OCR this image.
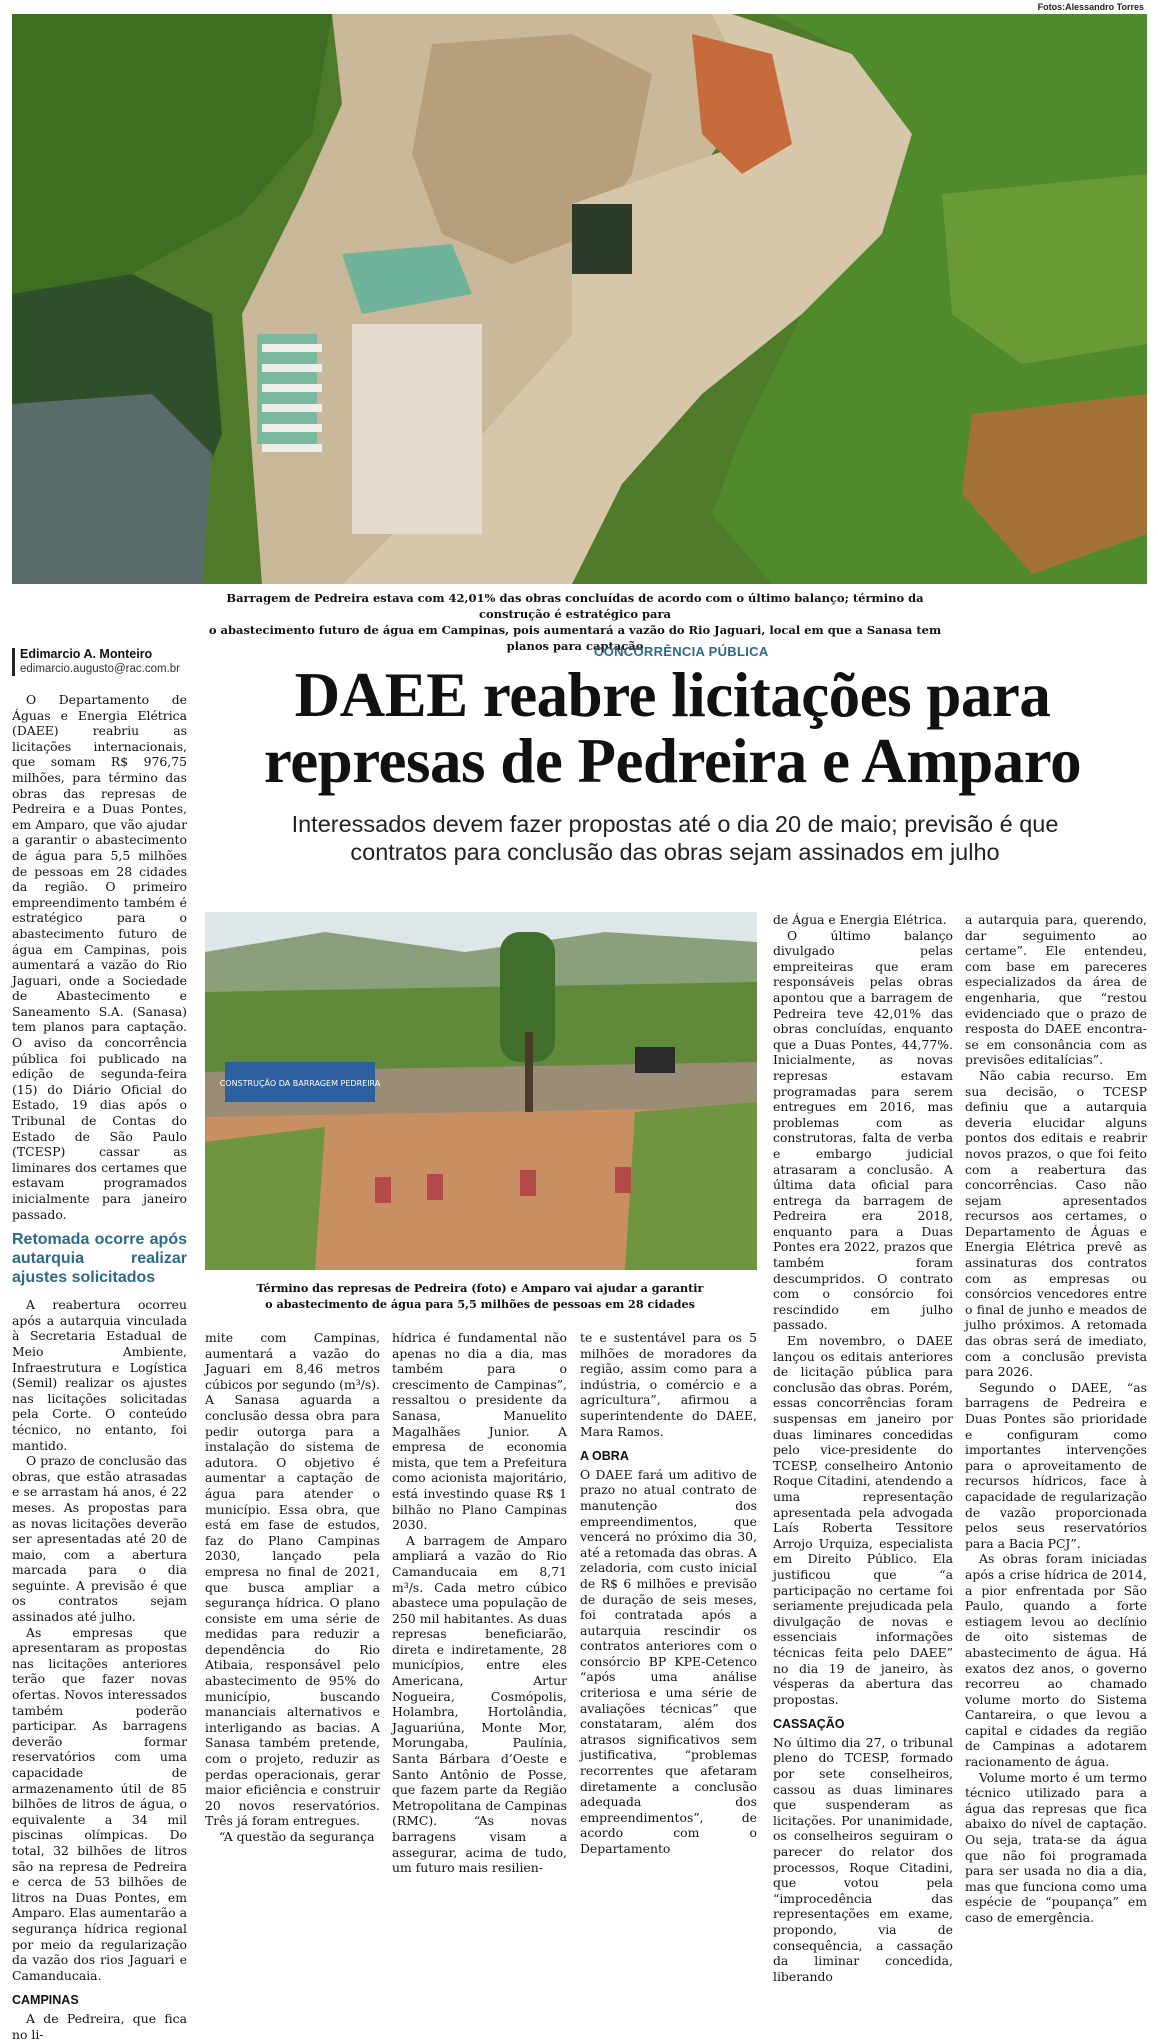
Fotos:Alessandro Torres
Barragem de Pedreira estava com 42,01% das obras concluídas de acordo com o último balanço; término da construção é estratégico para
o abastecimento futuro de água em Campinas, pois aumentará a vazão do Rio Jaguari, local em que a Sanasa tem planos para captação
Edimarcio A. Monteiro
edimarcio.augusto@rac.com.br
CONCORRÊNCIA PÚBLICA
DAEE reabre licitações para
represas de Pedreira e Amparo
Interessados devem fazer propostas até o dia 20 de maio; previsão é que
contratos para conclusão das obras sejam assinados em julho
CONSTRUÇÃO DA BARRAGEM PEDREIRA
Término das represas de Pedreira (foto) e Amparo vai ajudar a garantir
o abastecimento de água para 5,5 milhões de pessoas em 28 cidades

O Departamento de Águas e Energia Elétrica (DAEE) reabriu as licitações internacionais, que somam R$ 976,75 milhões, para término das obras das represas de Pedreira e a Duas Pontes, em Amparo, que vão ajudar a garantir o abastecimento de água para 5,5 milhões de pessoas em 28 cidades da região. O primeiro empreendimento também é estratégico para o abastecimento futuro de água em Campinas, pois aumentará a vazão do Rio Jaguari, onde a Sociedade de Abastecimento e Saneamento S.A. (Sanasa) tem planos para captação. O aviso da concorrência pública foi publicado na edição de segunda-feira (15) do Diário Oficial do Estado, 19 dias após o Tribunal de Contas do Estado de São Paulo (TCESP) cassar as liminares dos certames que estavam programados inicialmente para janeiro passado.

Retomada ocorre após autarquia realizar ajustes solicitados

A reabertura ocorreu após a autarquia vinculada à Secretaria Estadual de Meio Ambiente, Infraestrutura e Logística (Semil) realizar os ajustes nas licitações solicitadas pela Corte. O conteúdo técnico, no entanto, foi mantido.

O prazo de conclusão das obras, que estão atrasadas e se arrastam há anos, é 22 meses. As propostas para as novas licitações deverão ser apresentadas até 20 de maio, com a abertura marcada para o dia seguinte. A previsão é que os contratos sejam assinados até julho.

As empresas que apresentaram as propostas nas licitações anteriores terão que fazer novas ofertas. Novos interessados também poderão participar. As barragens deverão formar reservatórios com uma capacidade de armazenamento útil de 85 bilhões de litros de água, o equivalente a 34 mil piscinas olímpicas. Do total, 32 bilhões de litros são na represa de Pedreira e cerca de 53 bilhões de litros na Duas Pontes, em Amparo. Elas aumentarão a segurança hídrica regional por meio da regularização da vazão dos rios Jaguari e Camanducaia.

CAMPINAS

A de Pedreira, que fica no li-

mite com Campinas, aumentará a vazão do Jaguari em 8,46 metros cúbicos por segundo (m³/s). A Sanasa aguarda a conclusão dessa obra para pedir outorga para a instalação do sistema de adutora. O objetivo é aumentar a captação de água para atender o município. Essa obra, que está em fase de estudos, faz do Plano Campinas 2030, lançado pela empresa no final de 2021, que busca ampliar a segurança hídrica. O plano consiste em uma série de medidas para reduzir a dependência do Rio Atibaia, responsável pelo abastecimento de 95% do município, buscando mananciais alternativos e interligando as bacias. A Sanasa também pretende, com o projeto, reduzir as perdas operacionais, gerar maior eficiência e construir 20 novos reservatórios. Três já foram entregues.

“A questão da segurança

hídrica é fundamental não apenas no dia a dia, mas também para o crescimento de Campinas”, ressaltou o presidente da Sanasa, Manuelito Magalhães Junior. A empresa de economia mista, que tem a Prefeitura como acionista majoritário, está investindo quase R$ 1 bilhão no Plano Campinas 2030.

A barragem de Amparo ampliará a vazão do Rio Camanducaia em 8,71 m³/s. Cada metro cúbico abastece uma população de 250 mil habitantes. As duas represas beneficiarão, direta e indiretamente, 28 municípios, entre eles Americana, Artur Nogueira, Cosmópolis, Holambra, Hortolândia, Jaguariúna, Monte Mor, Morungaba, Paulínia, Santa Bárbara d’Oeste e Santo Antônio de Posse, que fazem parte da Região Metropolitana de Campinas (RMC). “As novas barragens visam a assegurar, acima de tudo, um futuro mais resilien-

te e sustentável para os 5 milhões de moradores da região, assim como para a indústria, o comércio e a agricultura”, afirmou a superintendente do DAEE, Mara Ramos.

A OBRA

O DAEE fará um aditivo de prazo no atual contrato de manutenção dos empreendimentos, que vencerá no próximo dia 30, até a retomada das obras. A zeladoria, com custo inicial de R$ 6 milhões e previsão de duração de seis meses, foi contratada após a autarquia rescindir os contratos anteriores com o consórcio BP KPE-Cetenco “após uma análise criteriosa e uma série de avaliações técnicas” que constataram, além dos atrasos significativos sem justificativa, “problemas recorrentes que afetaram diretamente a conclusão adequada dos empreendimentos”, de acordo com o Departamento

de Água e Energia Elétrica.

O último balanço divulgado pelas empreiteiras que eram responsáveis pelas obras apontou que a barragem de Pedreira teve 42,01% das obras concluídas, enquanto que a Duas Pontes, 44,77%. Inicialmente, as novas represas estavam programadas para serem entregues em 2016, mas problemas com as construtoras, falta de verba e embargo judicial atrasaram a conclusão. A última data oficial para entrega da barragem de Pedreira era 2018, enquanto para a Duas Pontes era 2022, prazos que também foram descumpridos. O contrato com o consórcio foi rescindido em julho passado.

Em novembro, o DAEE lançou os editais anteriores de licitação pública para conclusão das obras. Porém, essas concorrências foram suspensas em janeiro por duas liminares concedidas pelo vice-presidente do TCESP, conselheiro Antonio Roque Citadini, atendendo a uma representação apresentada pela advogada Laís Roberta Tessitore Arrojo Urquiza, especialista em Direito Público. Ela justificou que “a participação no certame foi seriamente prejudicada pela divulgação de novas e essenciais informações técnicas feita pelo DAEE” no dia 19 de janeiro, às vésperas da abertura das propostas.

CASSAÇÃO

No último dia 27, o tribunal pleno do TCESP, formado por sete conselheiros, cassou as duas liminares que suspenderam as licitações. Por unanimidade, os conselheiros seguiram o parecer do relator dos processos, Roque Citadini, que votou pela “improcedência das representações em exame, propondo, via de consequência, a cassação da liminar concedida, liberando

a autarquia para, querendo, dar seguimento ao certame”. Ele entendeu, com base em pareceres especializados da área de engenharia, que “restou evidenciado que o prazo de resposta do DAEE encontra-se em consonância com as previsões editalícias”.

Não cabia recurso. Em sua decisão, o TCESP definiu que a autarquia deveria elucidar alguns pontos dos editais e reabrir novos prazos, o que foi feito com a reabertura das concorrências. Caso não sejam apresentados recursos aos certames, o Departamento de Águas e Energia Elétrica prevê as assinaturas dos contratos com as empresas ou consórcios vencedores entre o final de junho e meados de julho próximos. A retomada das obras será de imediato, com a conclusão prevista para 2026.

Segundo o DAEE, “as barragens de Pedreira e Duas Pontes são prioridade e configuram como importantes intervenções para o aproveitamento de recursos hídricos, face à capacidade de regularização de vazão proporcionada pelos seus reservatórios para a Bacia PCJ”.

As obras foram iniciadas após a crise hídrica de 2014, a pior enfrentada por São Paulo, quando a forte estiagem levou ao declínio de oito sistemas de abastecimento de água. Há exatos dez anos, o governo recorreu ao chamado volume morto do Sistema Cantareira, o que levou a capital e cidades da região de Campinas a adotarem racionamento de água.

Volume morto é um termo técnico utilizado para a água das represas que fica abaixo do nível de captação. Ou seja, trata-se da água que não foi programada para ser usada no dia a dia, mas que funciona como uma espécie de “poupança” em caso de emergência.
